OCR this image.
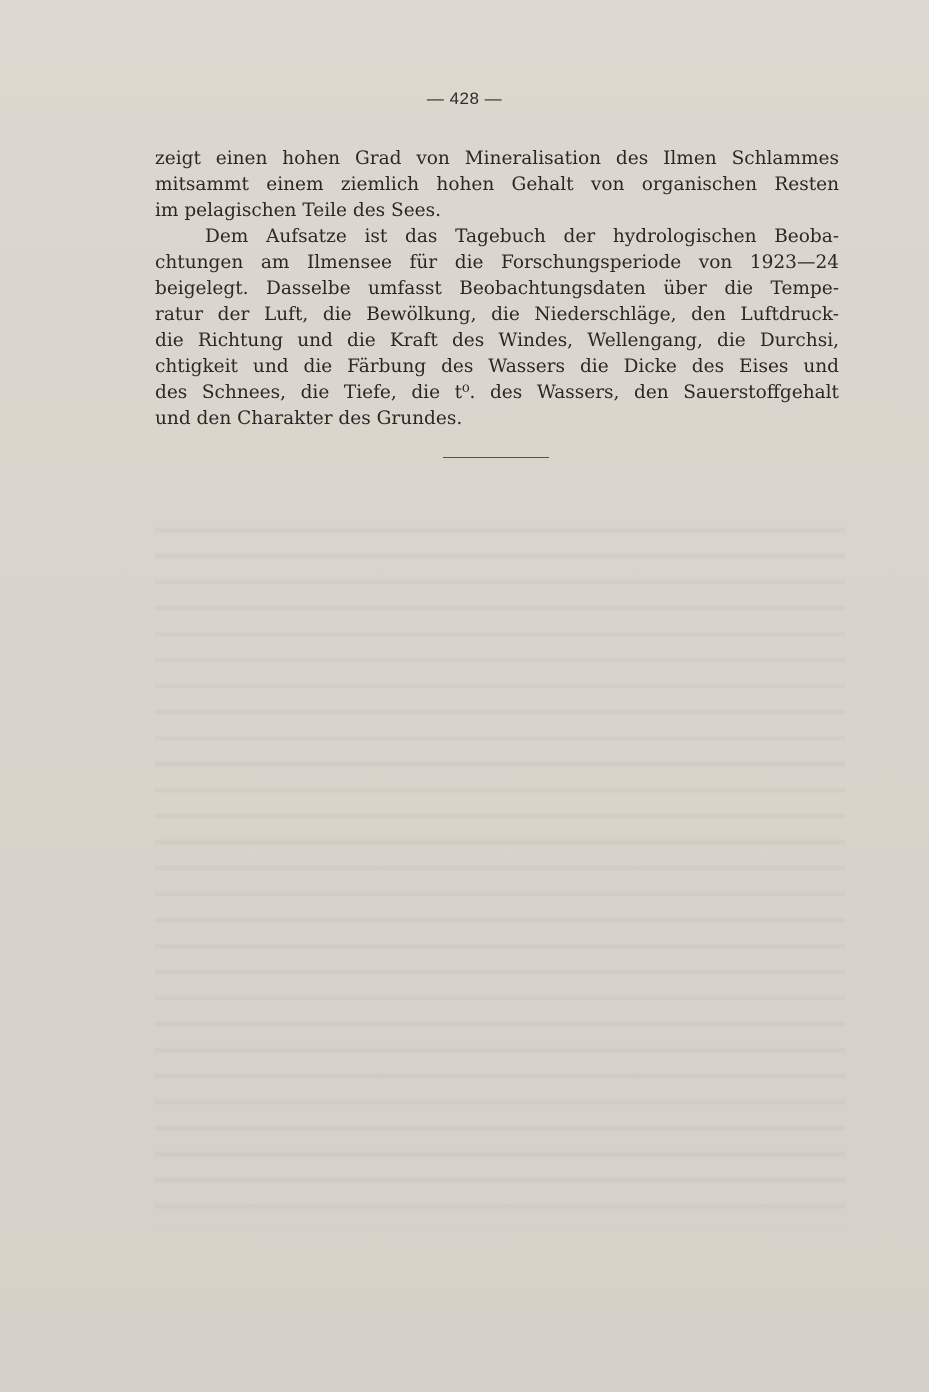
— 428 —
zeigt einen hohen Grad von Mineralisation des Ilmen Schlammes
mitsammt einem ziemlich hohen Gehalt von organischen Resten
im pelagischen Teile des Sees.
Dem Aufsatze ist das Tagebuch der hydrologischen Beoba-
chtungen am Ilmensee für die Forschungsperiode von 1923—24
beigelegt. Dasselbe umfasst Beobachtungsdaten über die Tempe-
ratur der Luft, die Bewölkung, die Niederschläge, den Luftdruck-
die Richtung und die Kraft des Windes, Wellengang, die Durchsi,
chtigkeit und die Färbung des Wassers die Dicke des Eises und
des Schnees, die Tiefe, die t⁰. des Wassers, den Sauerstoffgehalt
und den Charakter des Grundes.
